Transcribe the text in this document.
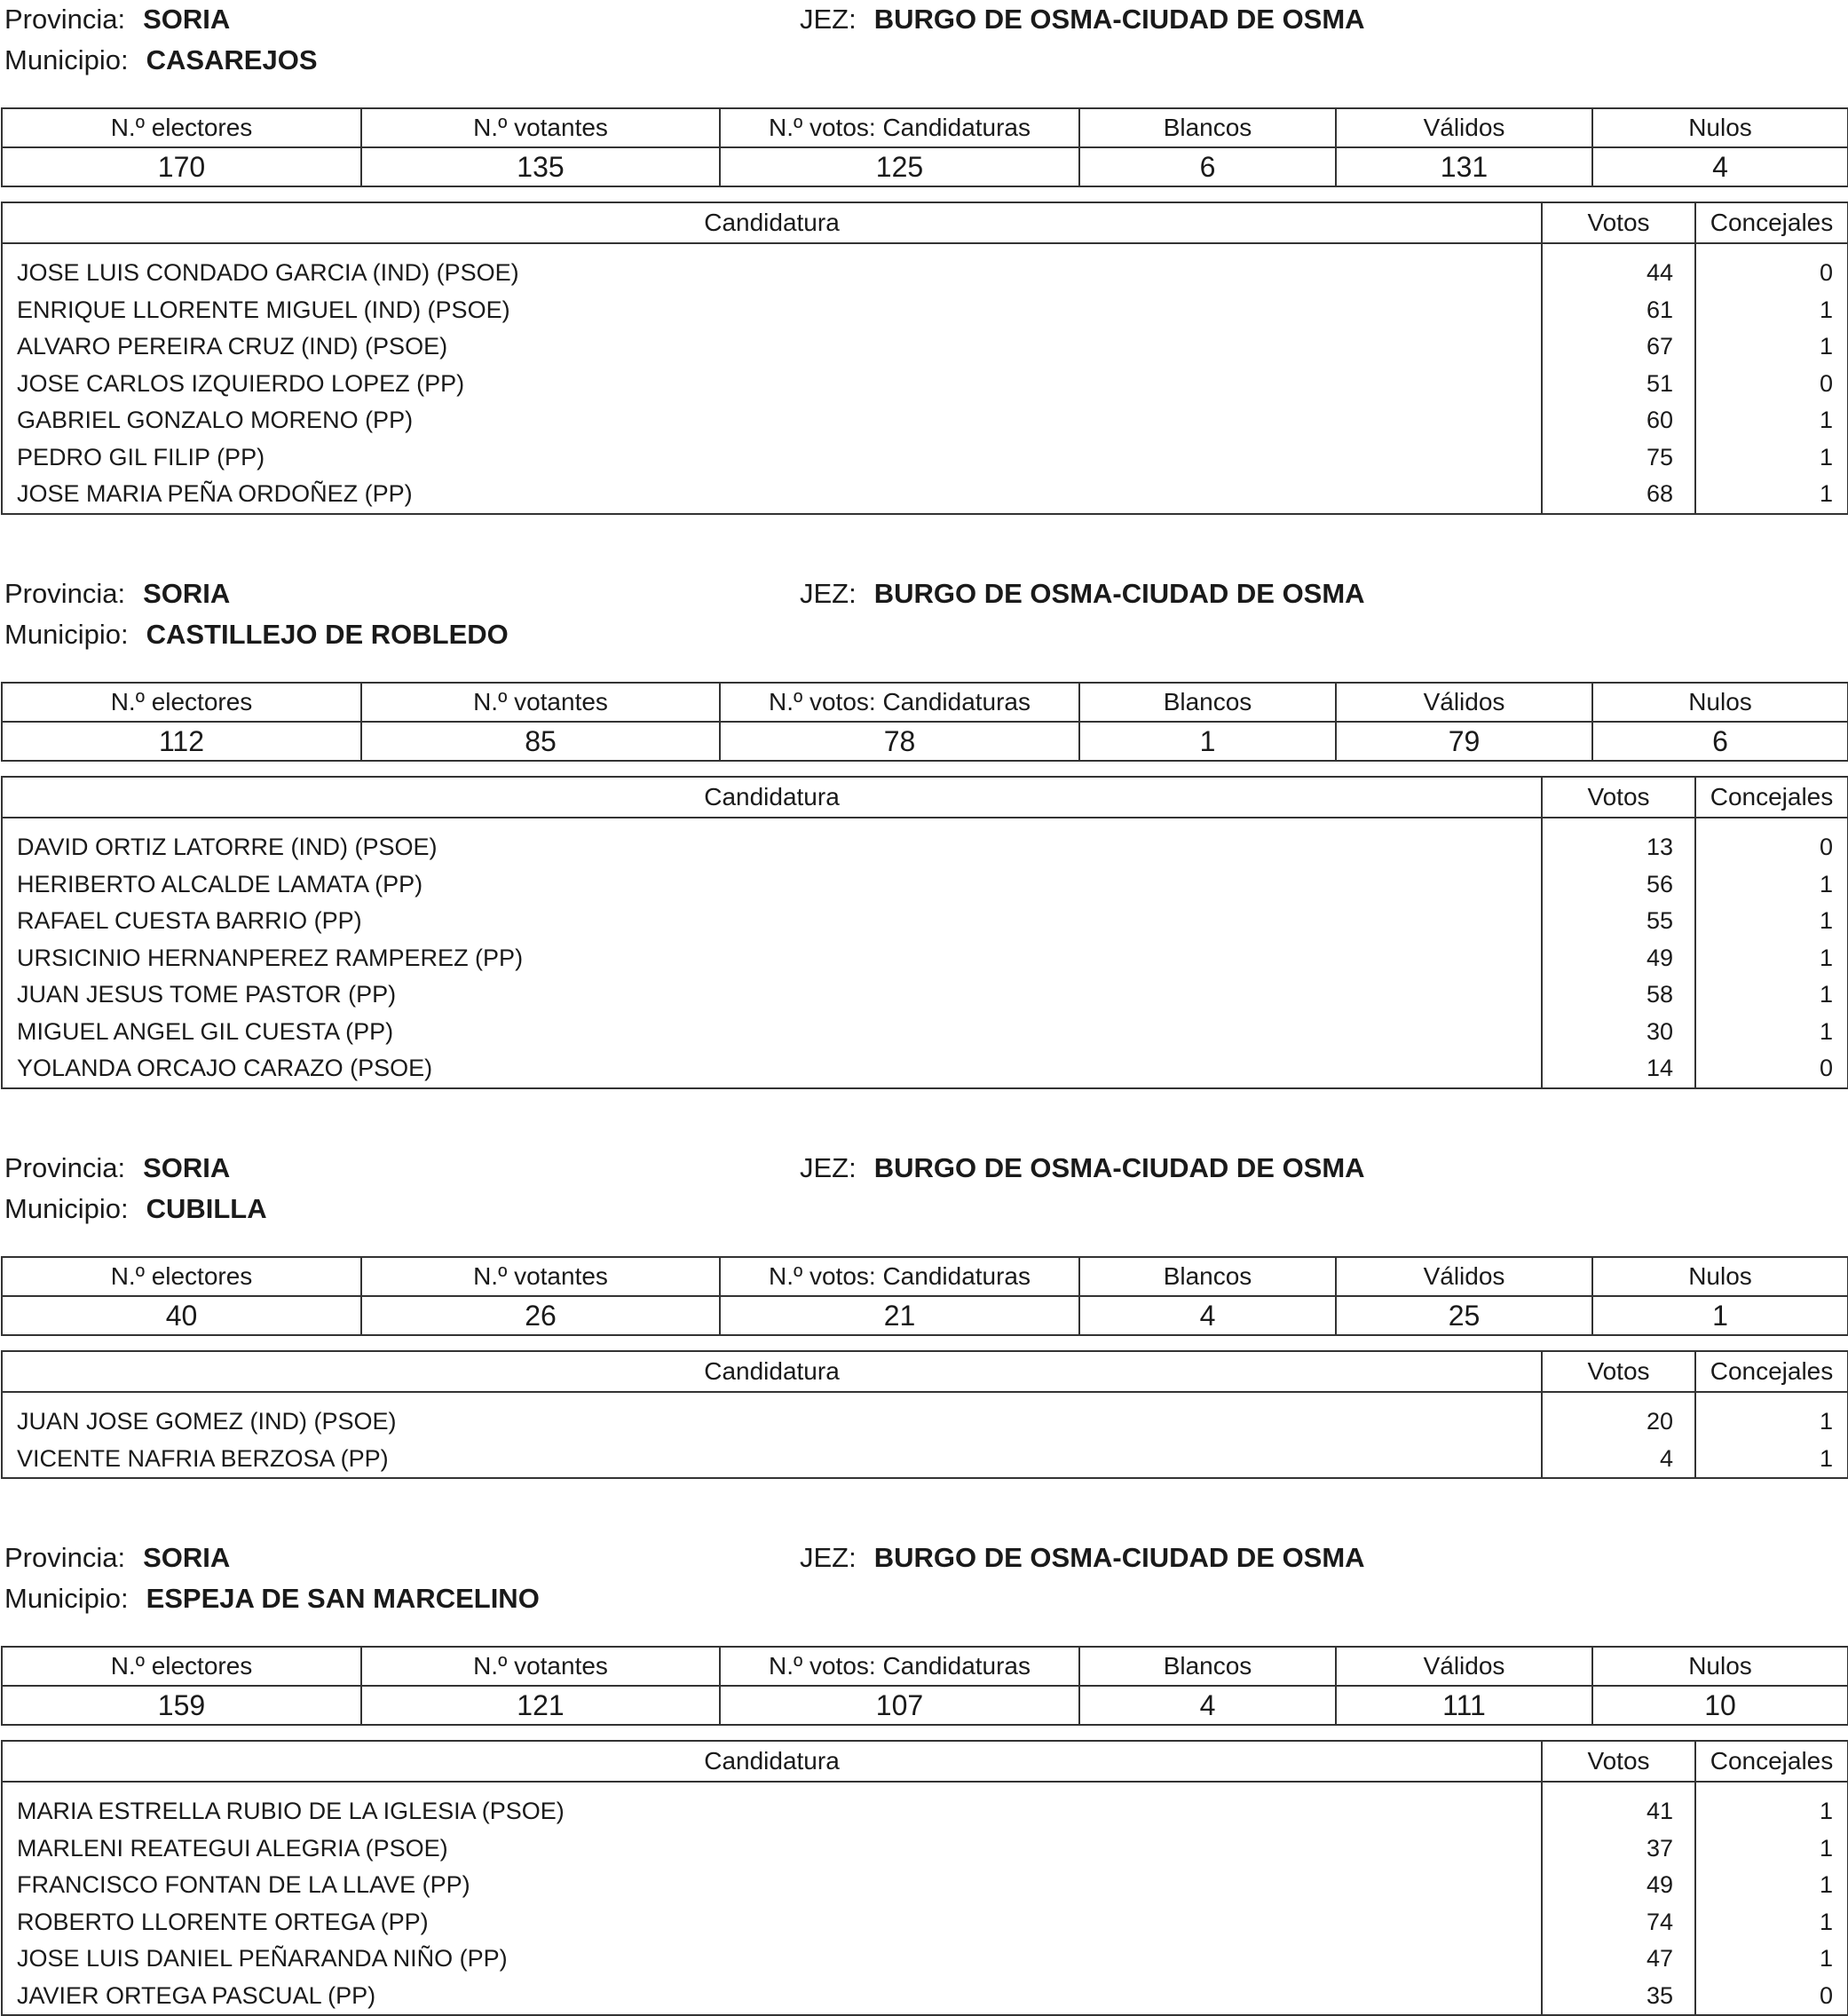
Provincia: SORIA	JEZ: BURGO DE OSMA-CIUDAD DE OSMA
Municipio: CASAREJOS
N.º electores	N.º votantes	N.º votos: Candidaturas	Blancos	Válidos	Nulos
170	135	125	6	131	4
Candidatura	Votos	Concejales

JOSE LUIS CONDADO GARCIA (IND) (PSOE)	44	0
ENRIQUE LLORENTE MIGUEL (IND) (PSOE)	61	1
ALVARO PEREIRA CRUZ (IND) (PSOE)	67	1
JOSE CARLOS IZQUIERDO LOPEZ (PP)	51	0
GABRIEL GONZALO MORENO (PP)	60	1
PEDRO GIL FILIP (PP)	75	1
JOSE MARIA PEÑA ORDOÑEZ (PP)	68	1
Provincia: SORIA	JEZ: BURGO DE OSMA-CIUDAD DE OSMA
Municipio: CASTILLEJO DE ROBLEDO
N.º electores	N.º votantes	N.º votos: Candidaturas	Blancos	Válidos	Nulos
112	85	78	1	79	6
Candidatura	Votos	Concejales

DAVID ORTIZ LATORRE (IND) (PSOE)	13	0
HERIBERTO ALCALDE LAMATA (PP)	56	1
RAFAEL CUESTA BARRIO (PP)	55	1
URSICINIO HERNANPEREZ RAMPEREZ (PP)	49	1
JUAN JESUS TOME PASTOR (PP)	58	1
MIGUEL ANGEL GIL CUESTA (PP)	30	1
YOLANDA ORCAJO CARAZO (PSOE)	14	0
Provincia: SORIA	JEZ: BURGO DE OSMA-CIUDAD DE OSMA
Municipio: CUBILLA
N.º electores	N.º votantes	N.º votos: Candidaturas	Blancos	Válidos	Nulos
40	26	21	4	25	1
Candidatura	Votos	Concejales

JUAN JOSE GOMEZ (IND) (PSOE)	20	1
VICENTE NAFRIA BERZOSA (PP)	4	1
Provincia: SORIA	JEZ: BURGO DE OSMA-CIUDAD DE OSMA
Municipio: ESPEJA DE SAN MARCELINO
N.º electores	N.º votantes	N.º votos: Candidaturas	Blancos	Válidos	Nulos
159	121	107	4	111	10
Candidatura	Votos	Concejales

MARIA ESTRELLA RUBIO DE LA IGLESIA (PSOE)	41	1
MARLENI REATEGUI ALEGRIA (PSOE)	37	1
FRANCISCO FONTAN DE LA LLAVE (PP)	49	1
ROBERTO LLORENTE ORTEGA (PP)	74	1
JOSE LUIS DANIEL PEÑARANDA NIÑO (PP)	47	1
JAVIER ORTEGA PASCUAL (PP)	35	0
